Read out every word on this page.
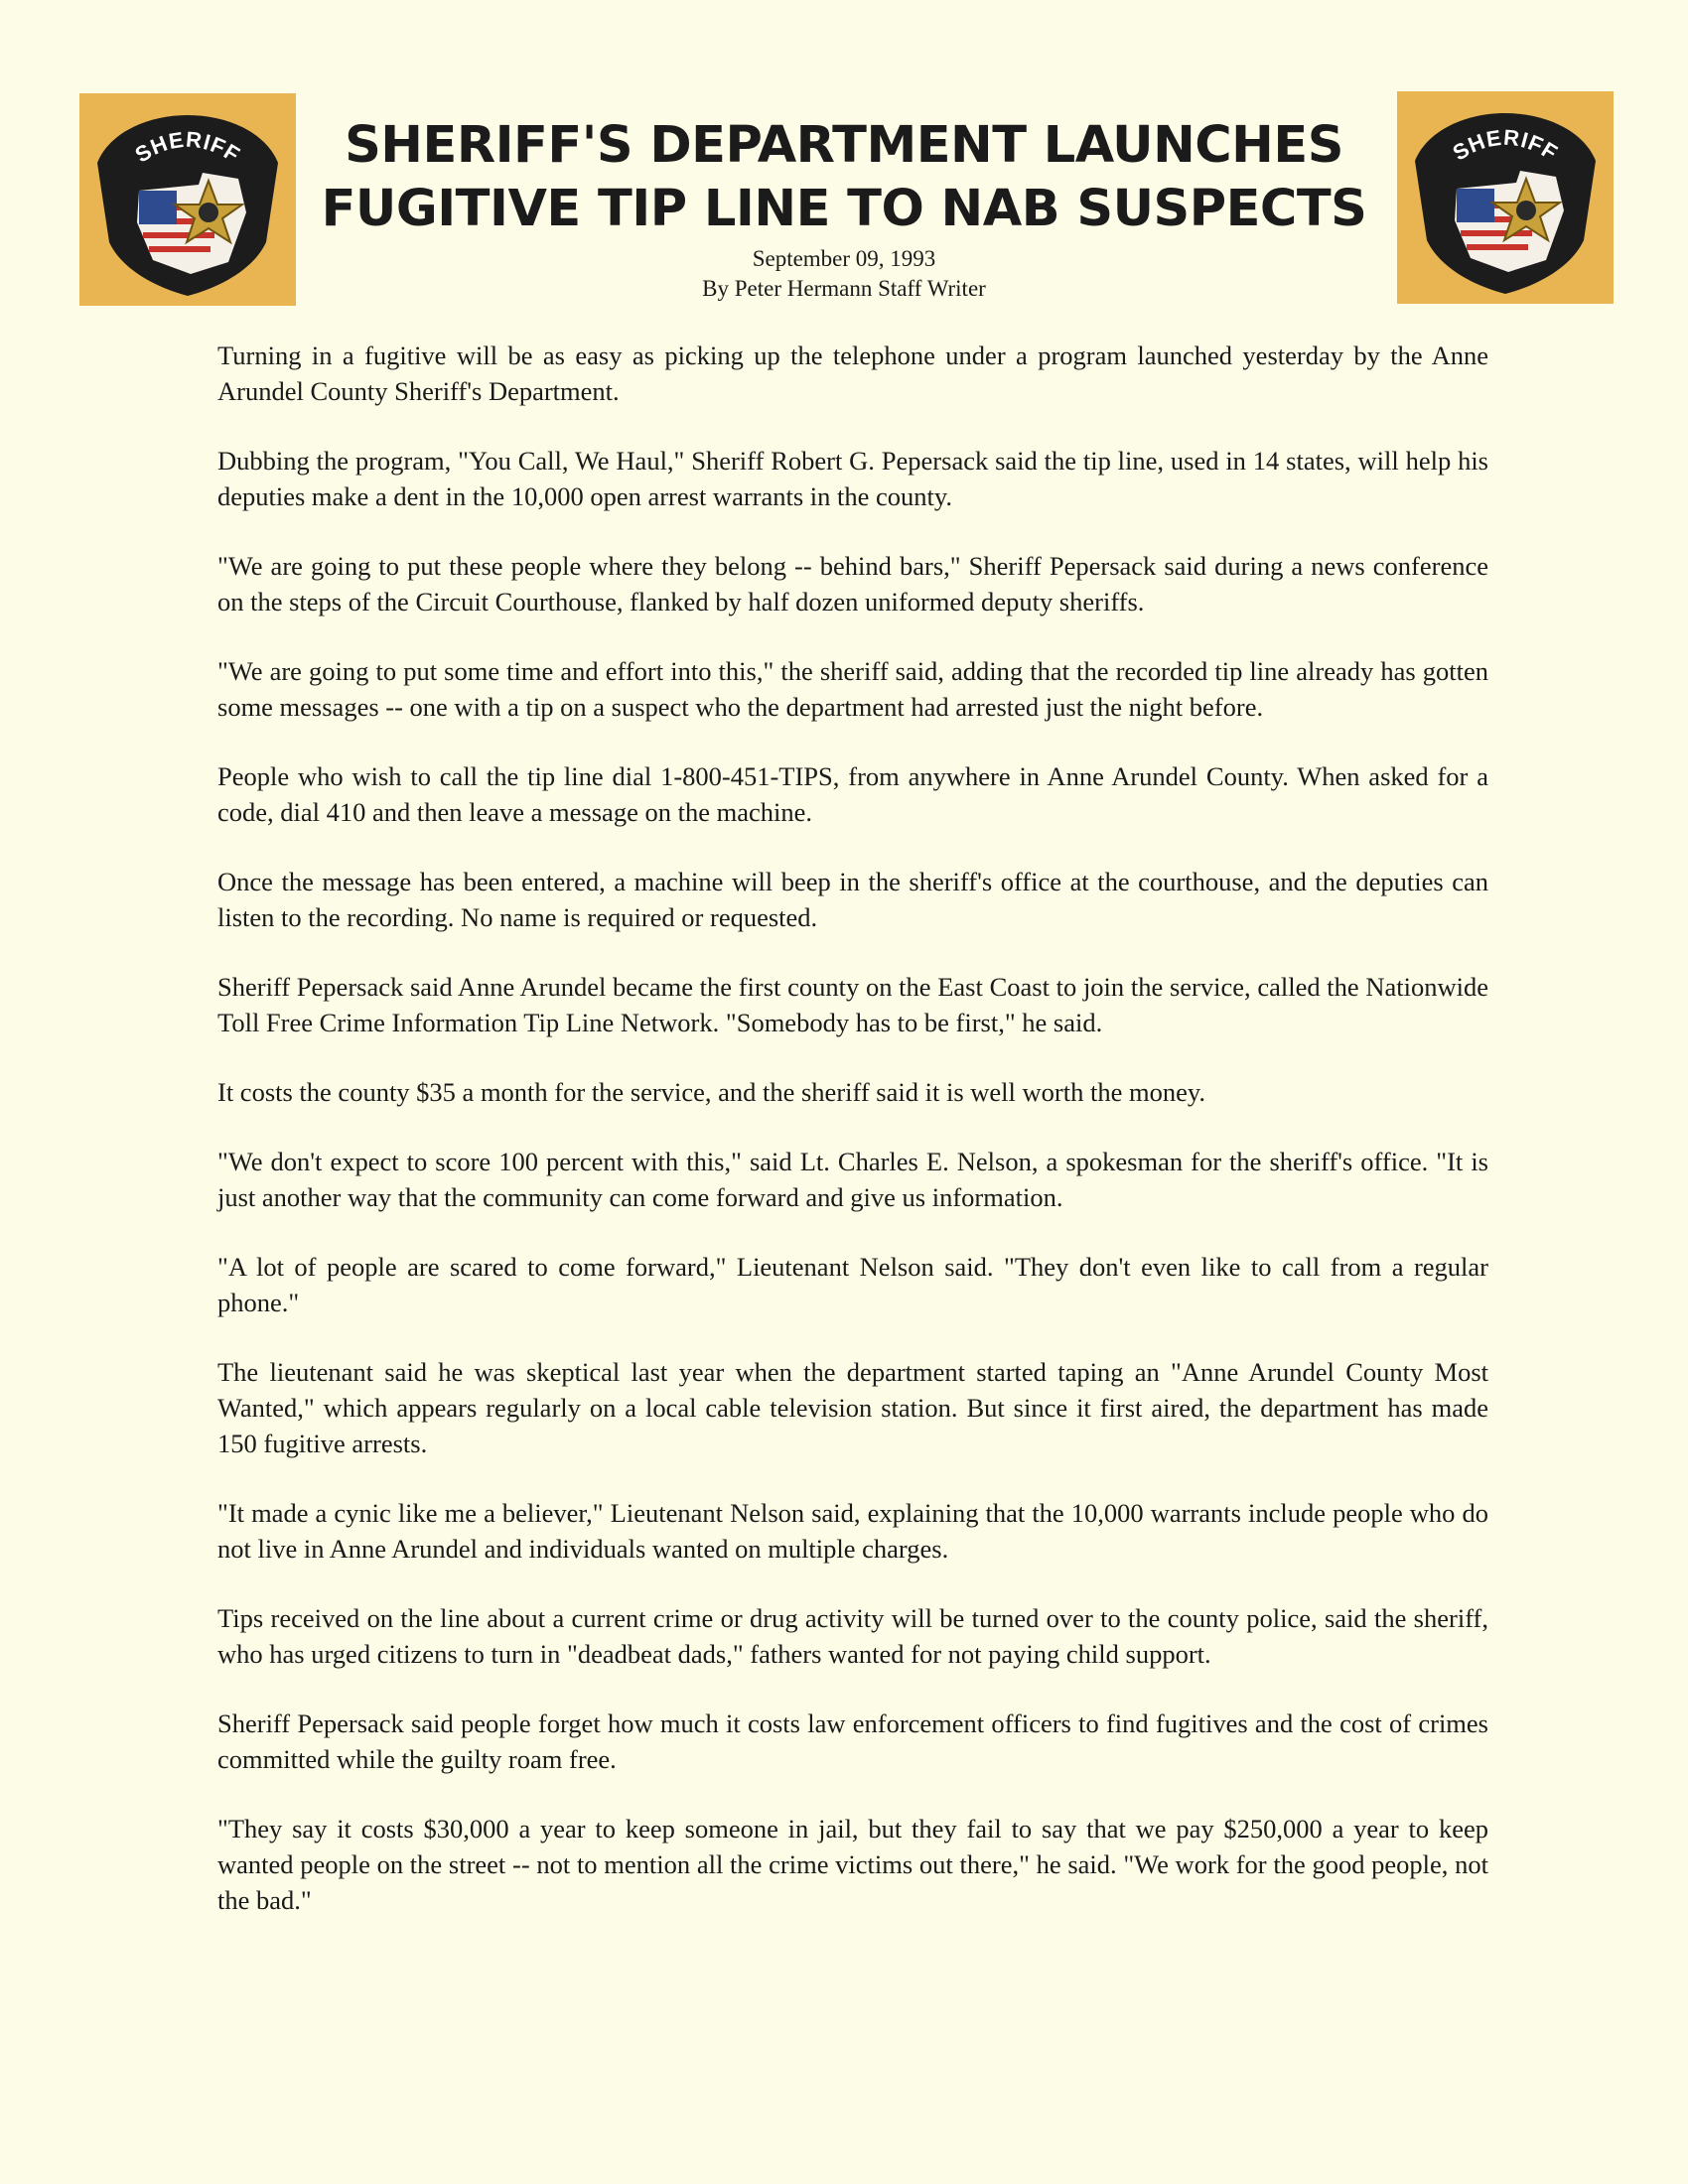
SHERIFF	SHERIFF'S DEPARTMENT LAUNCHES
FUGITIVE TIP LINE TO NAB SUSPECTS
SHERIFF
September 09, 1993
By Peter Hermann Staff Writer

Turning in a fugitive will be as easy as picking up the telephone under a program launched yesterday by the Anne Arundel County Sheriff's Department.

Dubbing the program, "You Call, We Haul," Sheriff Robert G. Pepersack said the tip line, used in 14 states, will help his deputies make a dent in the 10,000 open arrest warrants in the county.

"We are going to put these people where they belong -- behind bars," Sheriff Pepersack said during a news conference on the steps of the Circuit Courthouse, flanked by half dozen uniformed deputy sheriffs.

"We are going to put some time and effort into this," the sheriff said, adding that the recorded tip line already has gotten some messages -- one with a tip on a suspect who the department had arrested just the night before.

People who wish to call the tip line dial 1-800-451-TIPS, from anywhere in Anne Arundel County. When asked for a code, dial 410 and then leave a message on the machine.

Once the message has been entered, a machine will beep in the sheriff's office at the courthouse, and the deputies can listen to the recording. No name is required or requested.

Sheriff Pepersack said Anne Arundel became the first county on the East Coast to join the service, called the Nationwide Toll Free Crime Information Tip Line Network. "Somebody has to be first," he said.

It costs the county $35 a month for the service, and the sheriff said it is well worth the money.

"We don't expect to score 100 percent with this," said Lt. Charles E. Nelson, a spokesman for the sheriff's office. "It is just another way that the community can come forward and give us information.

"A lot of people are scared to come forward," Lieutenant Nelson said. "They don't even like to call from a regular phone."

The lieutenant said he was skeptical last year when the department started taping an "Anne Arundel County Most Wanted," which appears regularly on a local cable television station. But since it first aired, the department has made 150 fugitive arrests.

"It made a cynic like me a believer," Lieutenant Nelson said, explaining that the 10,000 warrants include people who do not live in Anne Arundel and individuals wanted on multiple charges.

Tips received on the line about a current crime or drug activity will be turned over to the county police, said the sheriff, who has urged citizens to turn in "deadbeat dads," fathers wanted for not paying child support.

Sheriff Pepersack said people forget how much it costs law enforcement officers to find fugitives and the cost of crimes committed while the guilty roam free.

"They say it costs $30,000 a year to keep someone in jail, but they fail to say that we pay $250,000 a year to keep wanted people on the street -- not to mention all the crime victims out there," he said. "We work for the good people, not the bad."
